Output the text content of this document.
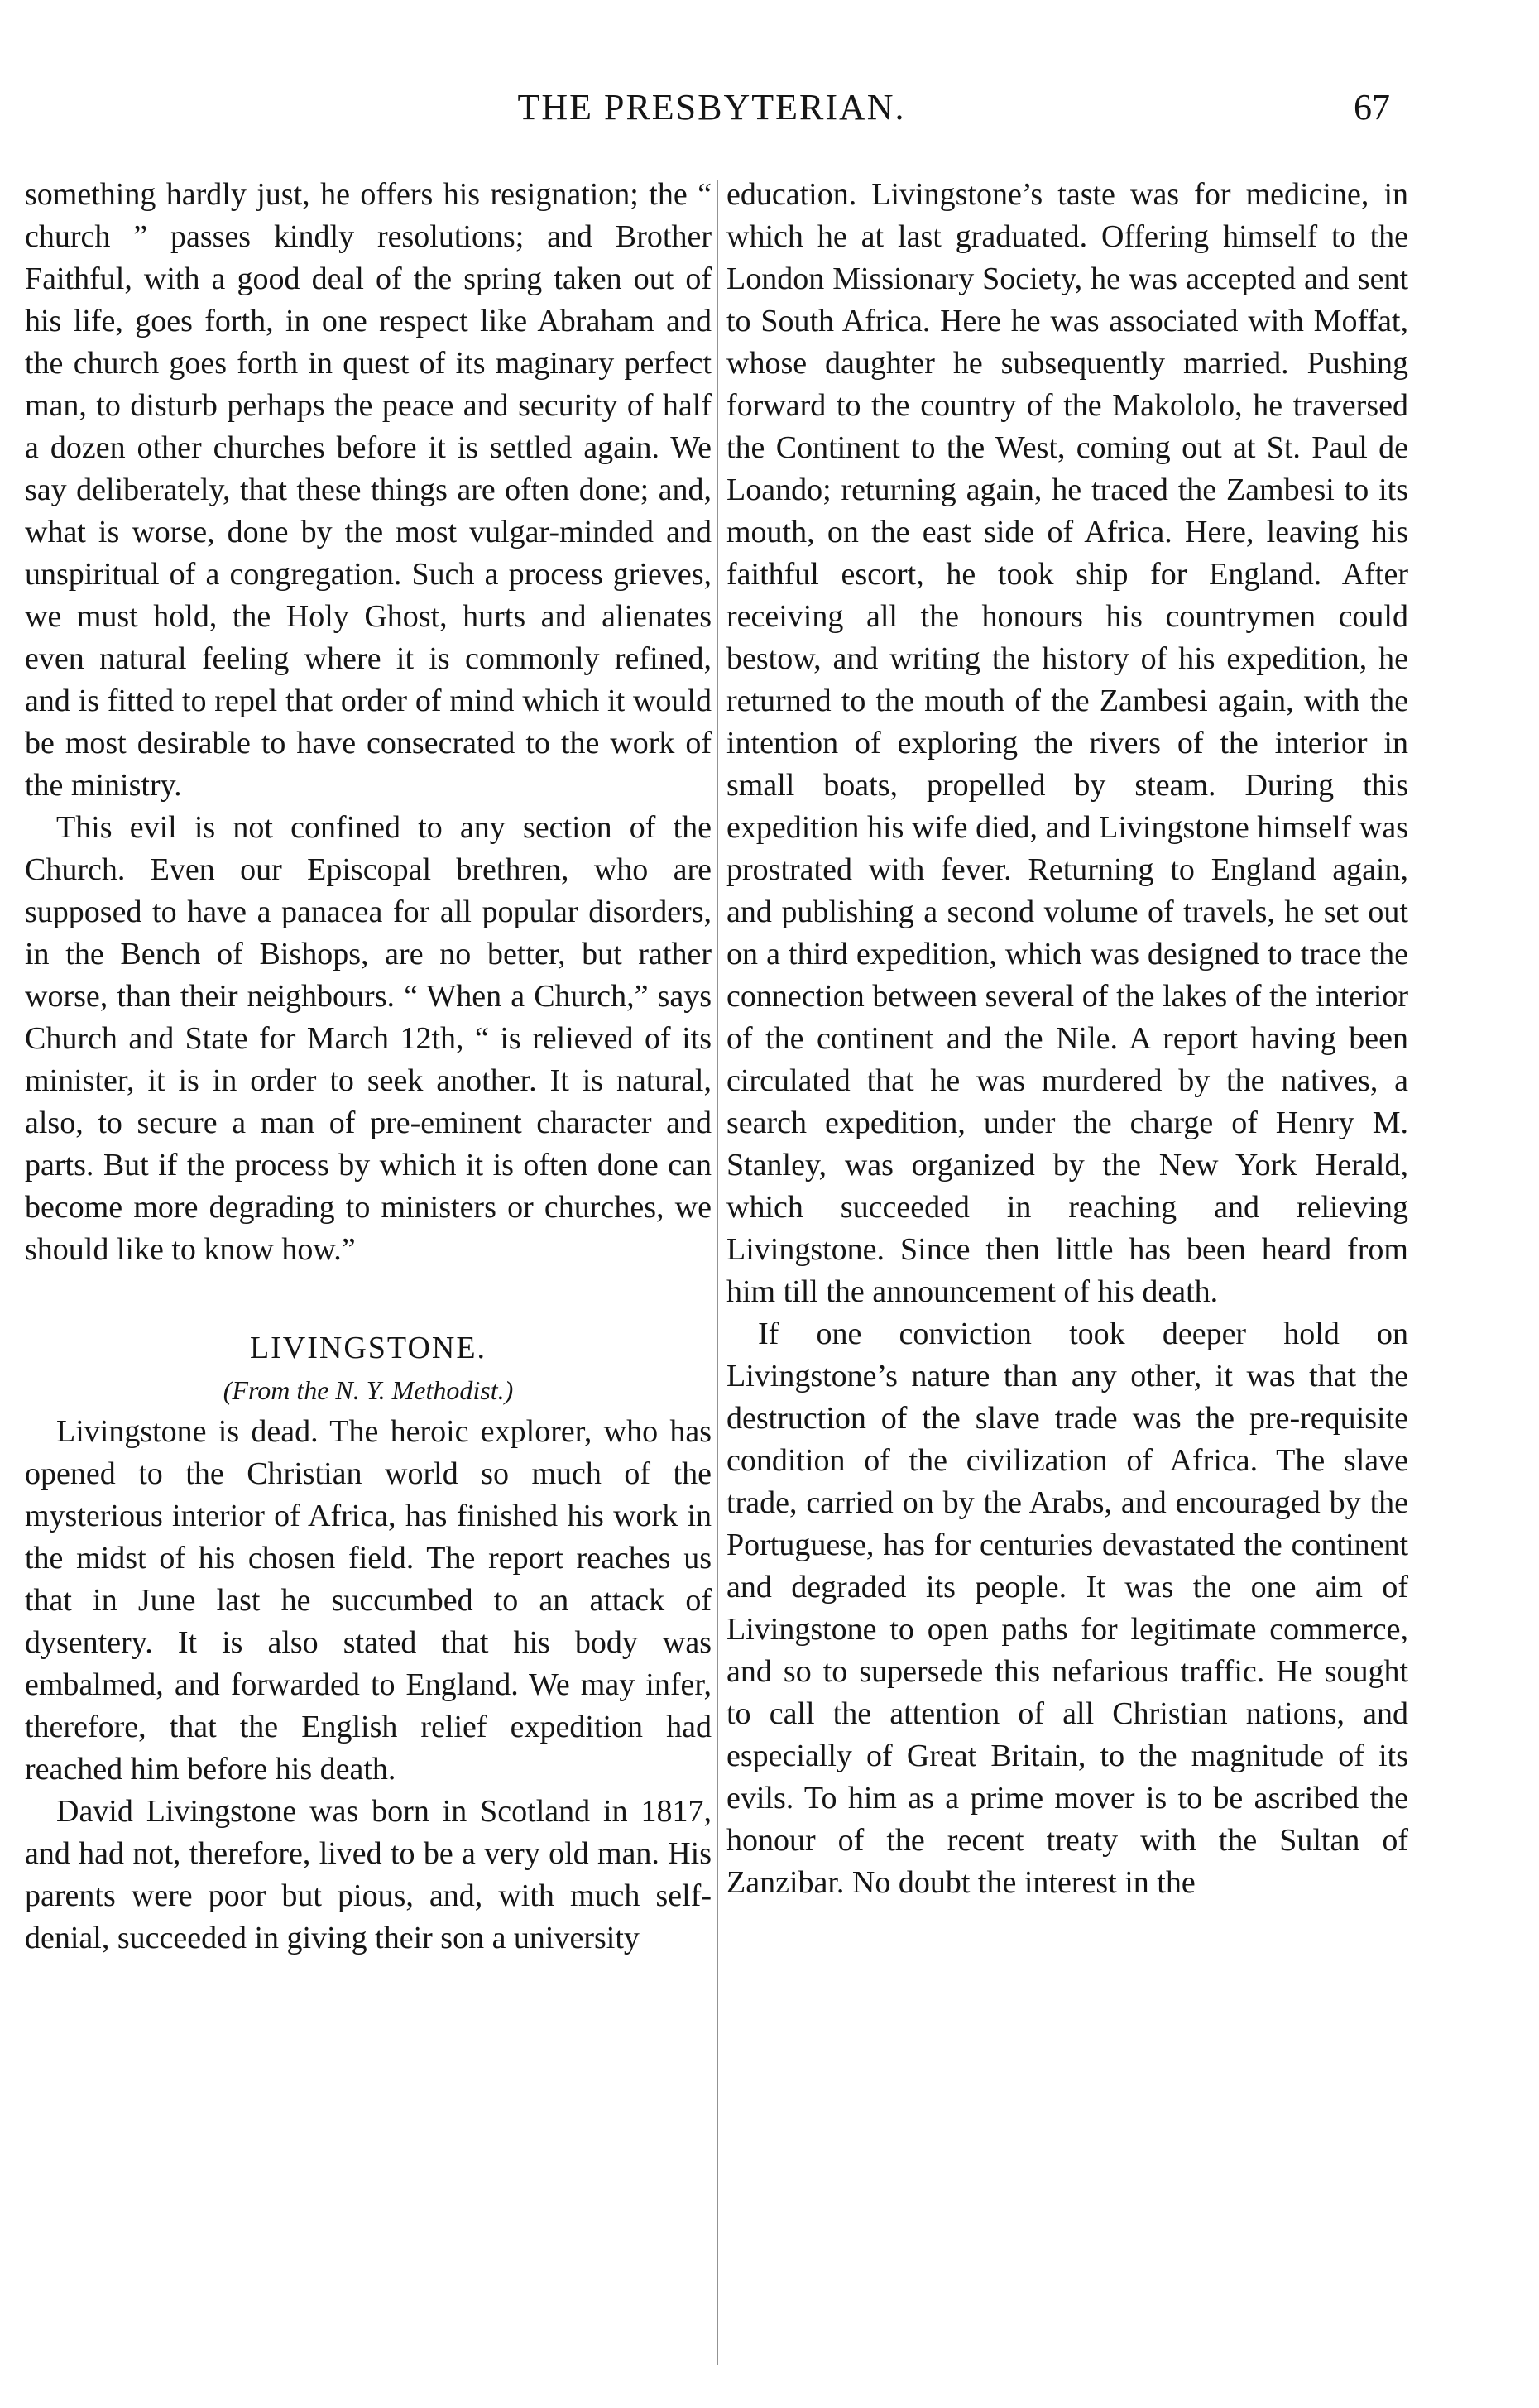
THE PRESBYTERIAN.	67

something hardly just, he offers his resignation; the “ church ” passes kindly resolutions; and Brother Faithful, with a good deal of the spring taken out of his life, goes forth, in one respect like Abraham and the church goes forth in quest of its maginary perfect man, to disturb perhaps the peace and security of half a dozen other churches before it is settled again. We say deliberately, that these things are often done; and, what is worse, done by the most vulgar-minded and unspiritual of a congregation. Such a process grieves, we must hold, the Holy Ghost, hurts and alienates even natural feeling where it is commonly refined, and is fitted to repel that order of mind which it would be most desirable to have consecrated to the work of the ministry.

This evil is not confined to any section of the Church. Even our Episcopal brethren, who are supposed to have a panacea for all popular disorders, in the Bench of Bishops, are no better, but rather worse, than their neighbours. “ When a Church,” says Church and State for March 12th, “ is relieved of its minister, it is in order to seek another. It is natural, also, to secure a man of pre-eminent character and parts. But if the process by which it is often done can become more degrading to ministers or churches, we should like to know how.”

LIVINGSTONE.

(From the N. Y. Methodist.)

Livingstone is dead. The heroic explorer, who has opened to the Christian world so much of the mysterious interior of Africa, has finished his work in the midst of his chosen field. The report reaches us that in June last he succumbed to an attack of dysentery. It is also stated that his body was embalmed, and forwarded to England. We may infer, therefore, that the English relief expedition had reached him before his death.

David Livingstone was born in Scotland in 1817, and had not, therefore, lived to be a very old man. His parents were poor but pious, and, with much self-denial, succeeded in giving their son a university

education. Livingstone’s taste was for medicine, in which he at last graduated. Offering himself to the London Missionary Society, he was accepted and sent to South Africa. Here he was associated with Moffat, whose daughter he subsequently married. Pushing forward to the country of the Makololo, he traversed the Continent to the West, coming out at St. Paul de Loando; returning again, he traced the Zambesi to its mouth, on the east side of Africa. Here, leaving his faithful escort, he took ship for England. After receiving all the honours his countrymen could bestow, and writing the history of his expedition, he returned to the mouth of the Zambesi again, with the intention of exploring the rivers of the interior in small boats, propelled by steam. During this expedition his wife died, and Livingstone himself was prostrated with fever. Returning to England again, and publishing a second volume of travels, he set out on a third expedition, which was designed to trace the connection between several of the lakes of the interior of the continent and the Nile. A report having been circulated that he was murdered by the natives, a search expedition, under the charge of Henry M. Stanley, was organized by the New York Herald, which succeeded in reaching and relieving Livingstone. Since then little has been heard from him till the announcement of his death.

If one conviction took deeper hold on Livingstone’s nature than any other, it was that the destruction of the slave trade was the pre-requisite condition of the civilization of Africa. The slave trade, carried on by the Arabs, and encouraged by the Portuguese, has for centuries devastated the continent and degraded its people. It was the one aim of Livingstone to open paths for legitimate commerce, and so to supersede this nefarious traffic. He sought to call the attention of all Christian nations, and especially of Great Britain, to the magnitude of its evils. To him as a prime mover is to be ascribed the honour of the recent treaty with the Sultan of Zanzibar. No doubt the interest in the
